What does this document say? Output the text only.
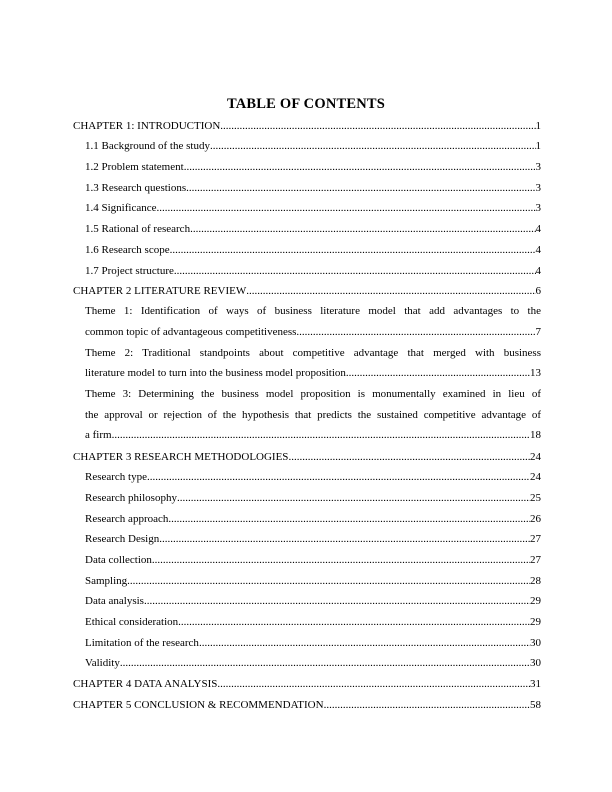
TABLE OF CONTENTS
CHAPTER 1: INTRODUCTION .....	1
1.1 Background of the study .....	1
1.2 Problem statement .....	3
1.3 Research questions .....	3
1.4 Significance .....	3
1.5 Rational of research .....	4
1.6 Research scope .....	4
1.7 Project structure .....	4
CHAPTER 2 LITERATURE REVIEW .....	6
Theme 1: Identification of ways of business literature model that add advantages to the
common topic of advantageous competitiveness .....	7
Theme 2: Traditional standpoints about competitive advantage that merged with business
literature model to turn into the business model proposition. .....	13
Theme 3: Determining the business model proposition is monumentally examined in lieu of
the approval or rejection of the hypothesis that predicts the sustained competitive advantage of
a firm .....	18
CHAPTER 3 RESEARCH METHODOLOGIES .....	24
Research type .....	24
Research philosophy .....	25
Research approach .....	26
Research Design .....	27
Data collection .....	27
Sampling .....	28
Data analysis .....	29
Ethical consideration .....	29
Limitation of the research .....	30
Validity .....	30
CHAPTER 4 DATA ANALYSIS .....	31
CHAPTER 5 CONCLUSION & RECOMMENDATION .....	58
